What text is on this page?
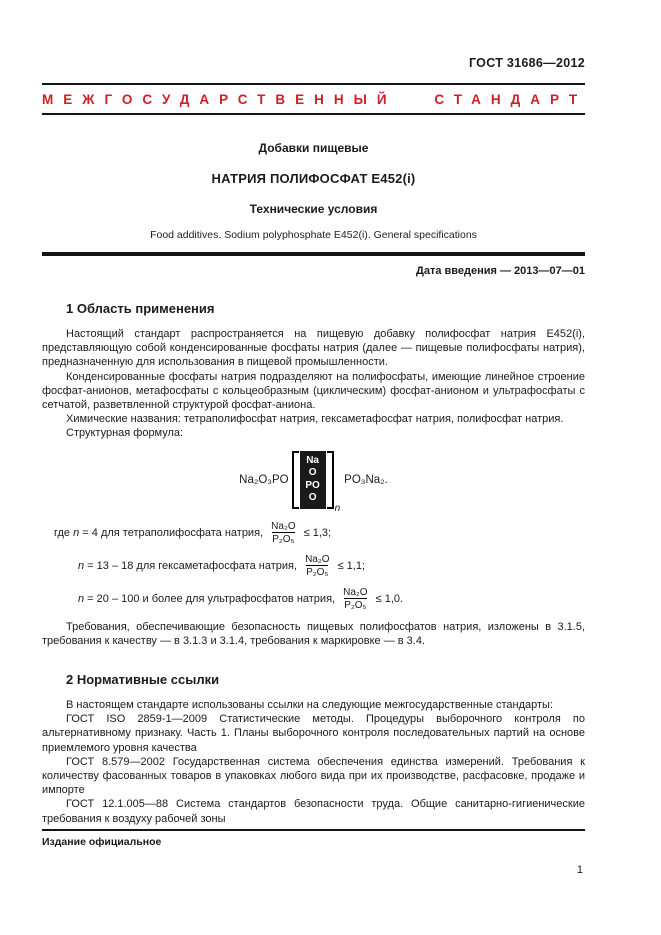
ГОСТ 31686—2012
МЕЖГОСУДАРСТВЕННЫЙ СТАНДАРТ
Добавки пищевые
НАТРИЯ ПОЛИФОСФАТ Е452(i)
Технические условия
Food additives. Sodium polyphosphate E452(i). General specifications
Дата введения — 2013—07—01
1 Область применения

Настоящий стандарт распространяется на пищевую добавку полифосфат натрия Е452(i), представляющую собой конденсированные фосфаты натрия (далее — пищевые полифосфаты натрия), предназначенную для использования в пищевой промышленности.

Конденсированные фосфаты натрия подразделяют на полифосфаты, имеющие линейное строение фосфат-анионов, метафосфаты с кольцеобразным (циклическим) фосфат-анионом и ультрафосфаты с сетчатой, разветвленной структурой фосфат-аниона.

Химические названия: тетраполифосфат натрия, гексаметафосфат натрия, полифосфат натрия.

Структурная формула:

Na₂O₃PO
Na
O
PO
O
n
PO₃Na₂.
где n = 4 для тетраполифосфата натрия, $\frac{\text{Na₂O}}{\text{P₂O₅}} \le 1,3$;
n = 13 – 18 для гексаметафосфата натрия, $\frac{\text{Na₂O}}{\text{P₂O₅}} \le 1,1$;
n = 20 – 100 и более для ультрафосфатов натрия, $\frac{\text{Na₂O}}{\text{P₂O₅}} \le 1,0$.

Требования, обеспечивающие безопасность пищевых полифосфатов натрия, изложены в 3.1.5, требования к качеству — в 3.1.3 и 3.1.4, требования к маркировке — в 3.4.

2 Нормативные ссылки

В настоящем стандарте использованы ссылки на следующие межгосударственные стандарты:

ГОСТ ISO 2859-1—2009 Статистические методы. Процедуры выборочного контроля по альтернативному признаку. Часть 1. Планы выборочного контроля последовательных партий на основе приемлемого уровня качества

ГОСТ 8.579—2002 Государственная система обеспечения единства измерений. Требования к количеству фасованных товаров в упаковках любого вида при их производстве, расфасовке, продаже и импорте

ГОСТ 12.1.005—88 Система стандартов безопасности труда. Общие санитарно-гигиенические требования к воздуху рабочей зоны

Издание официальное
1
